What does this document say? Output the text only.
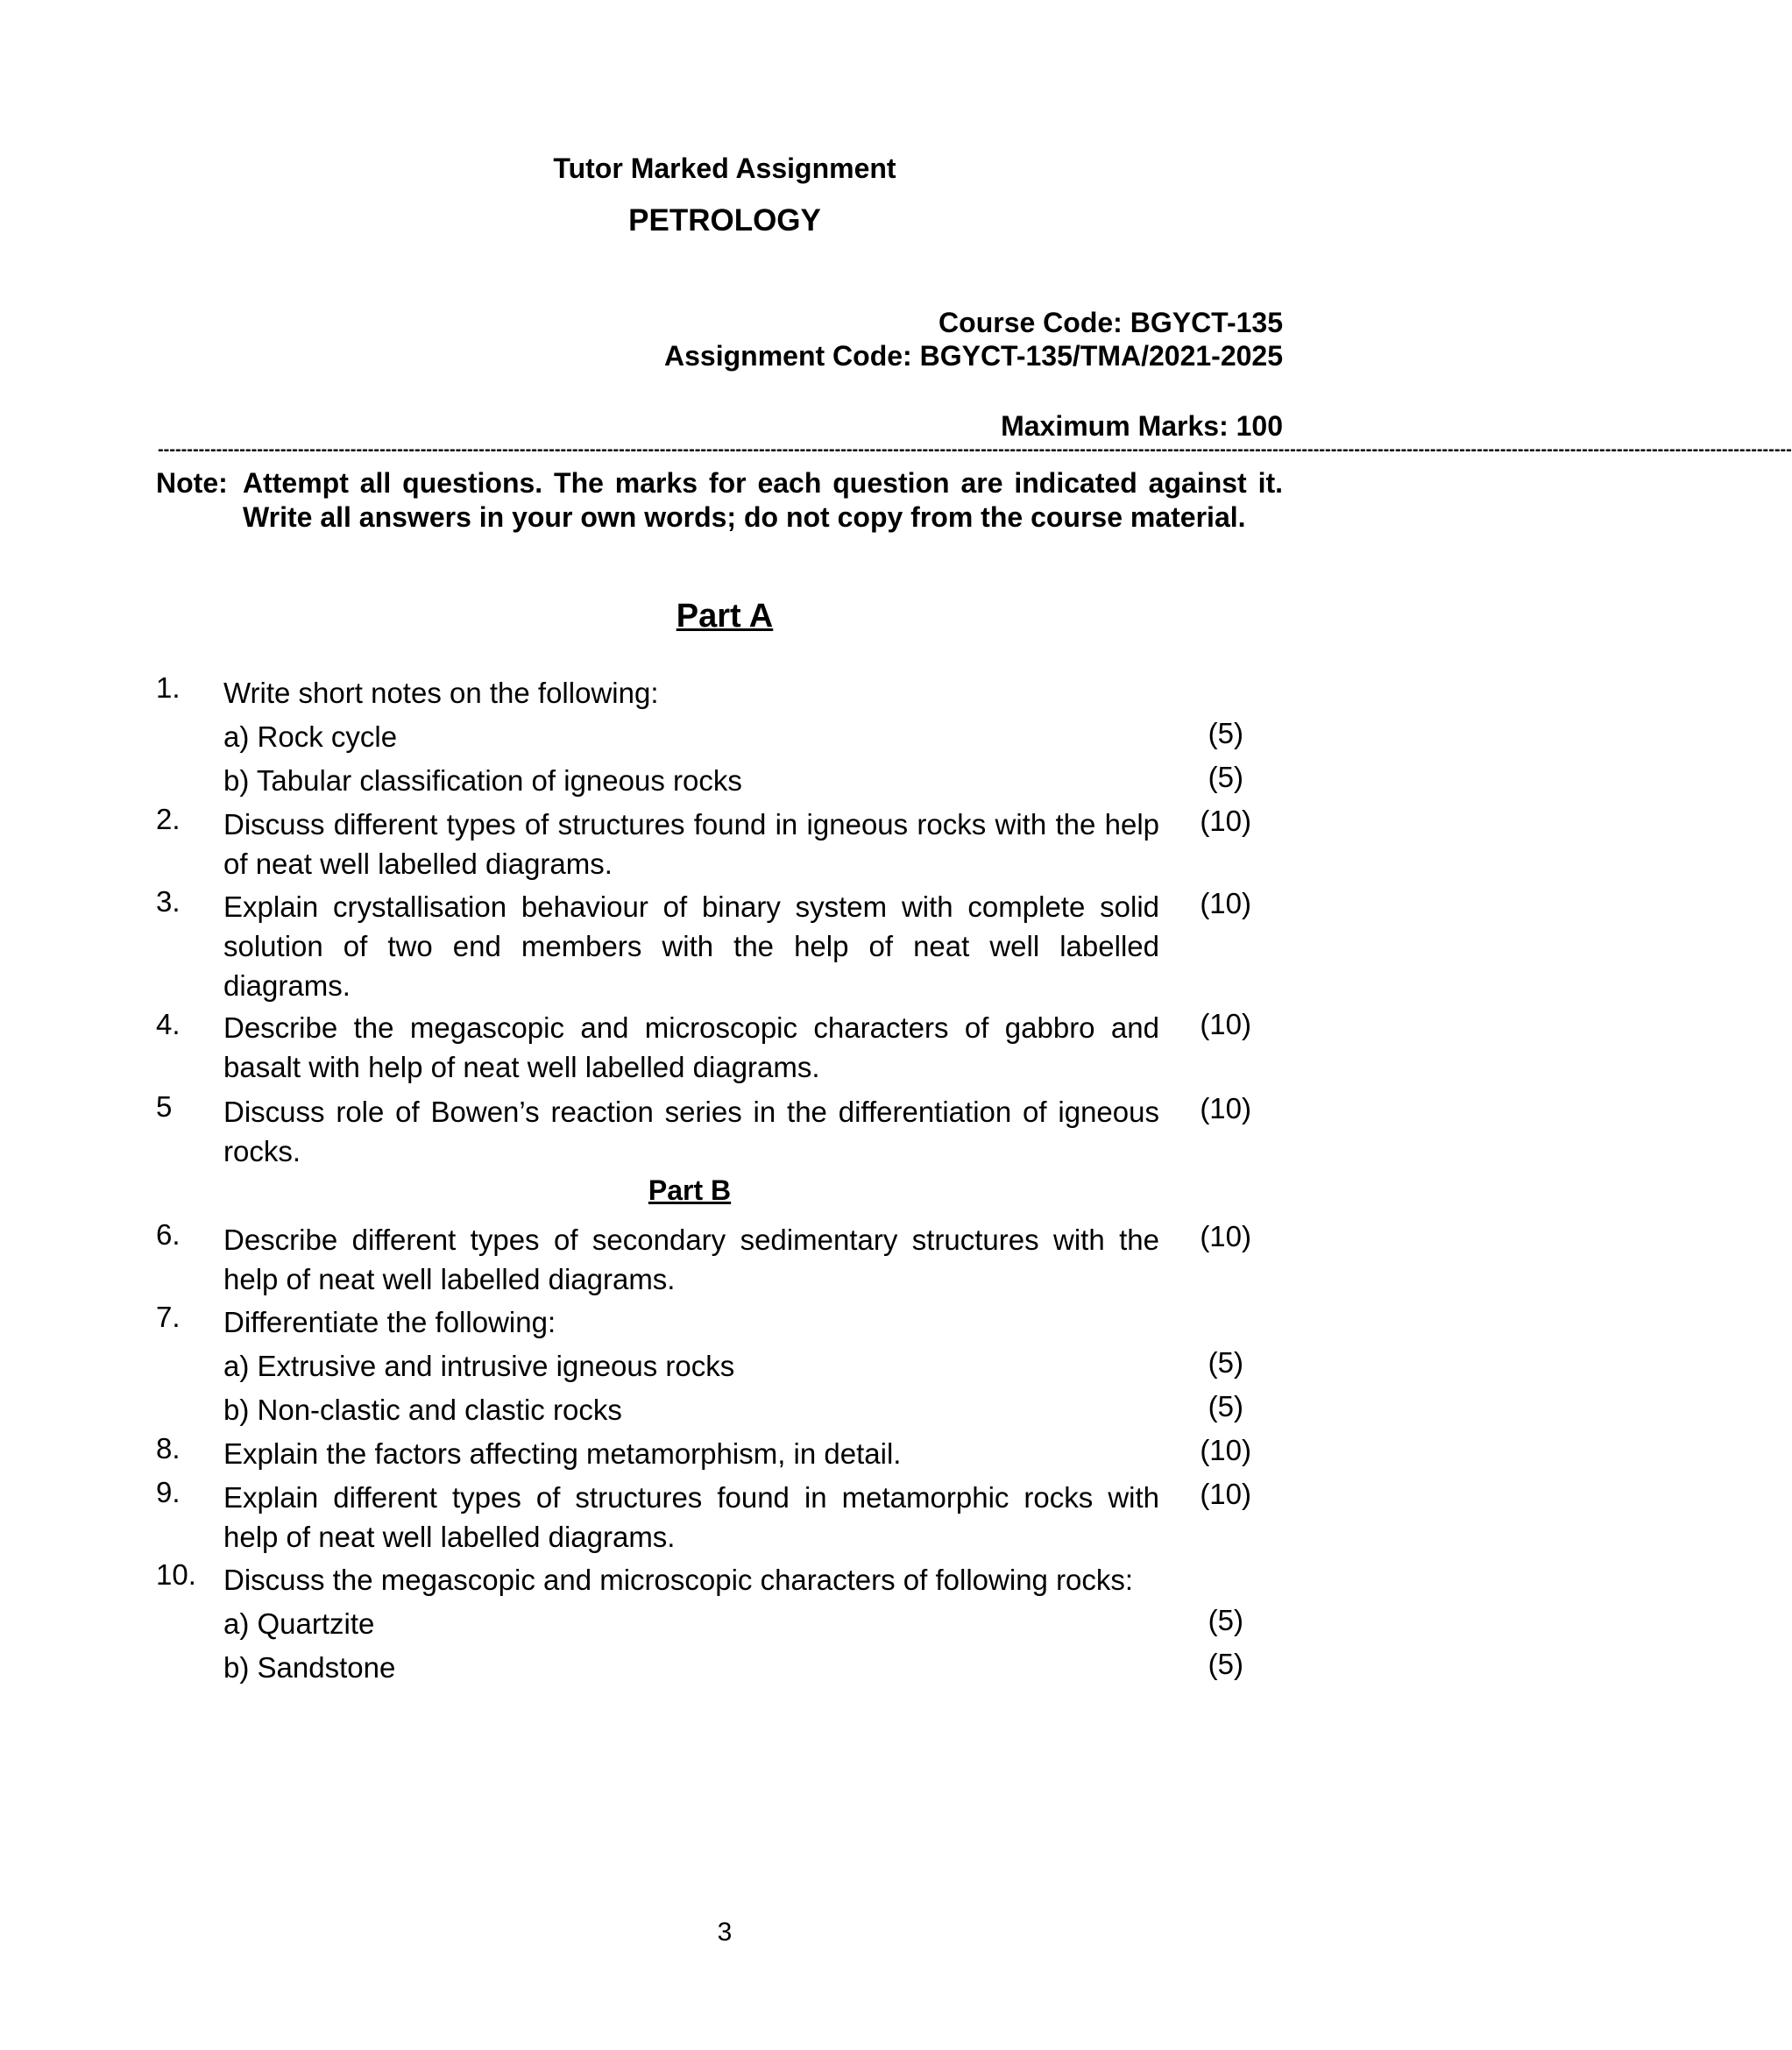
Tutor Marked Assignment
PETROLOGY
Course Code: BGYCT-135
Assignment Code: BGYCT-135/TMA/2021-2025
Maximum Marks: 100
----------------------------------------------------------------------------------------------------------------------------------------------------------------------------------------------------------------------------------------------------------------------------------------
Note: Attempt all questions. The marks for each question are indicated against it. Write all answers in your own words; do not copy from the course material.
Part A
1. Write short notes on the following:
a) Rock cycle	(5)
b) Tabular classification of igneous rocks	(5)
2. Discuss different types of structures found in igneous rocks with the help of neat well labelled diagrams.
(10)
3. Explain crystallisation behaviour of binary system with complete solid solution of two end members with the help of neat well labelled diagrams.
(10)
4. Describe the megascopic and microscopic characters of gabbro and basalt with help of neat well labelled diagrams.
(10)
5 Discuss role of Bowen’s reaction series in the differentiation of igneous rocks.
(10)
Part B
6. Describe different types of secondary sedimentary structures with the help of neat well labelled diagrams.
(10)
7. Differentiate the following:
a) Extrusive and intrusive igneous rocks	(5)
b) Non-clastic and clastic rocks	(5)
8. Explain the factors affecting metamorphism, in detail.	(10)
9. Explain different types of structures found in metamorphic rocks with help of neat well labelled diagrams.
(10)
10. Discuss the megascopic and microscopic characters of following rocks:
a) Quartzite	(5)
b) Sandstone	(5)
3
